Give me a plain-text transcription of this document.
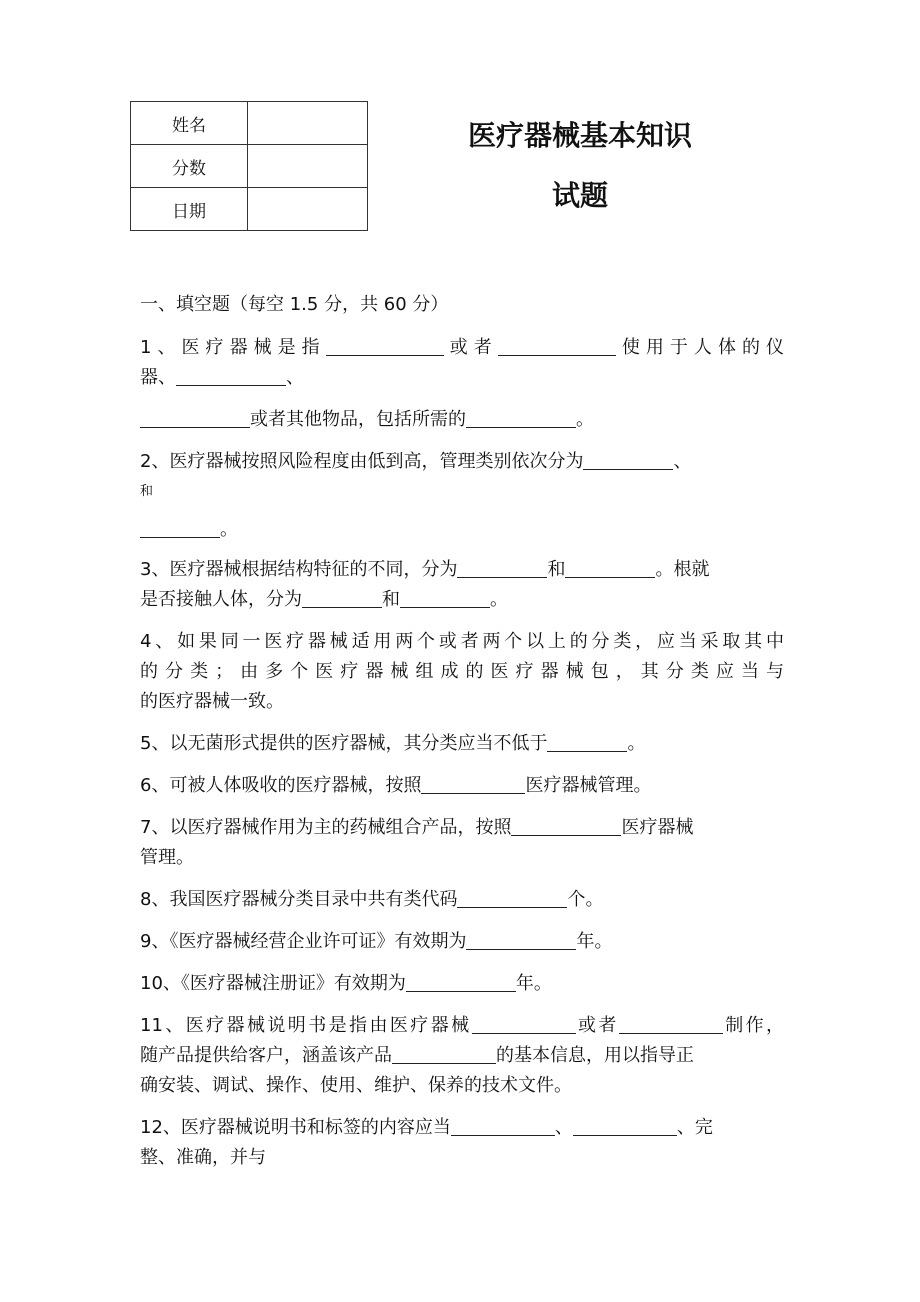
姓名	
分数	
日期	
医疗器械基本知识
试题
一、填空题（每空 1.5 分，共 60 分）
1、医疗器械是指	或者	使用于人体的仪
器、	、
或者其他物品，包括所需的	。
2、医疗器械按照风险程度由低到高，管理类别依次分为	、
和
。
3、医疗器械根据结构特征的不同，分为	和	。根就
是否接触人体，分为	和	。
4、如果同一医疗器械适用两个或者两个以上的分类，应当采取其中
的分类；由多个医疗器械组成的医疗器械包，其分类应当与
的医疗器械一致。
5、以无菌形式提供的医疗器械，其分类应当不低于	。
6、可被人体吸收的医疗器械，按照	医疗器械管理。
7、以医疗器械作用为主的药械组合产品，按照	医疗器械
管理。
8、我国医疗器械分类目录中共有类代码	个。
9、《医疗器械经营企业许可证》有效期为	年。
10、《医疗器械注册证》有效期为	年。
11、医疗器械说明书是指由医疗器械	或者	制作，
随产品提供给客户，涵盖该产品	的基本信息，用以指导正
确安装、调试、操作、使用、维护、保养的技术文件。
12、医疗器械说明书和标签的内容应当	、	、完
整、准确，并与
